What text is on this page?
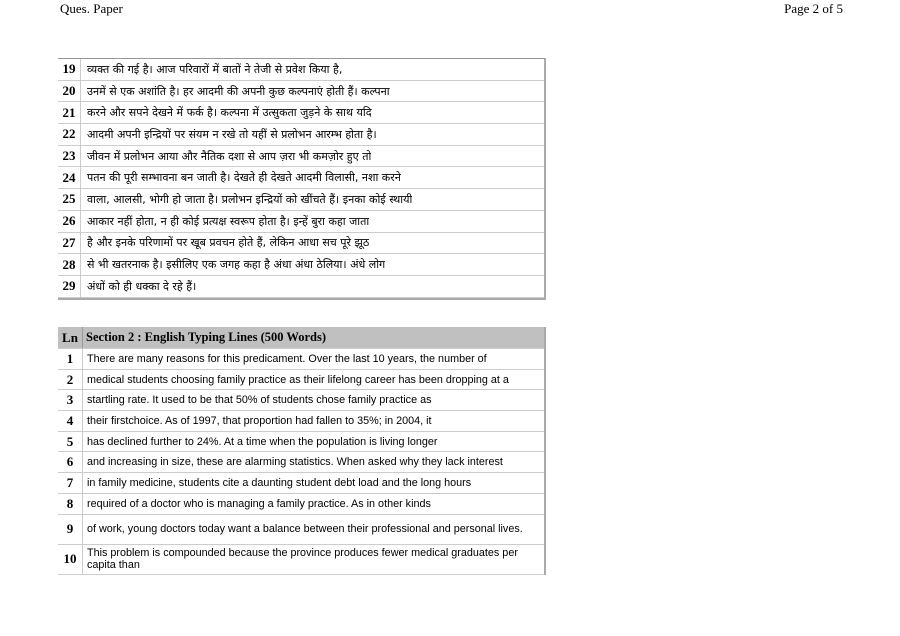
Ques. Paper	Page 2 of 5
19	व्यक्त की गई है। आज परिवारों में बातों ने तेजी से प्रवेश किया है,
20	उनमें से एक अशांति है। हर आदमी की अपनी कुछ कल्पनाएं होती हैं। कल्पना
21	करने और सपने देखने में फर्क है। कल्पना में उत्सुकता जुड़ने के साथ यदि
22	आदमी अपनी इन्द्रियों पर संयम न रखे तो यहीं से प्रलोभन आरम्भ होता है।
23	जीवन में प्रलोभन आया और नैतिक दशा से आप ज़रा भी कमज़ोर हुए तो
24	पतन की पूरी सम्भावना बन जाती है। देखते ही देखते आदमी विलासी, नशा करने
25	वाला, आलसी, भोगी हो जाता है। प्रलोभन इन्द्रियों को खींचते हैं। इनका कोई स्थायी
26	आकार नहीं होता, न ही कोई प्रत्यक्ष स्वरूप होता है। इन्हें बुरा कहा जाता
27	है और इनके परिणामों पर खूब प्रवचन होते हैं, लेकिन आधा सच पूरे झूठ
28	से भी खतरनाक है। इसीलिए एक जगह कहा है अंधा अंधा ठेलिया। अंधे लोग
29	अंधों को ही धक्का दे रहे हैं।
Ln Section 2 : English Typing Lines (500 Words)
1	There are many reasons for this predicament. Over the last 10 years, the number of
2	medical students choosing family practice as their lifelong career has been dropping at a
3	startling rate. It used to be that 50% of students chose family practice as
4	their firstchoice. As of 1997, that proportion had fallen to 35%; in 2004, it
5	has declined further to 24%. At a time when the population is living longer
6	and increasing in size, these are alarming statistics. When asked why they lack interest
7	in family medicine, students cite a daunting student debt load and the long hours
8	required of a doctor who is managing a family practice. As in other kinds
9	of work, young doctors today want a balance between their professional and personal lives.
10 This problem is compounded because the province produces fewer medical graduates per capita than
